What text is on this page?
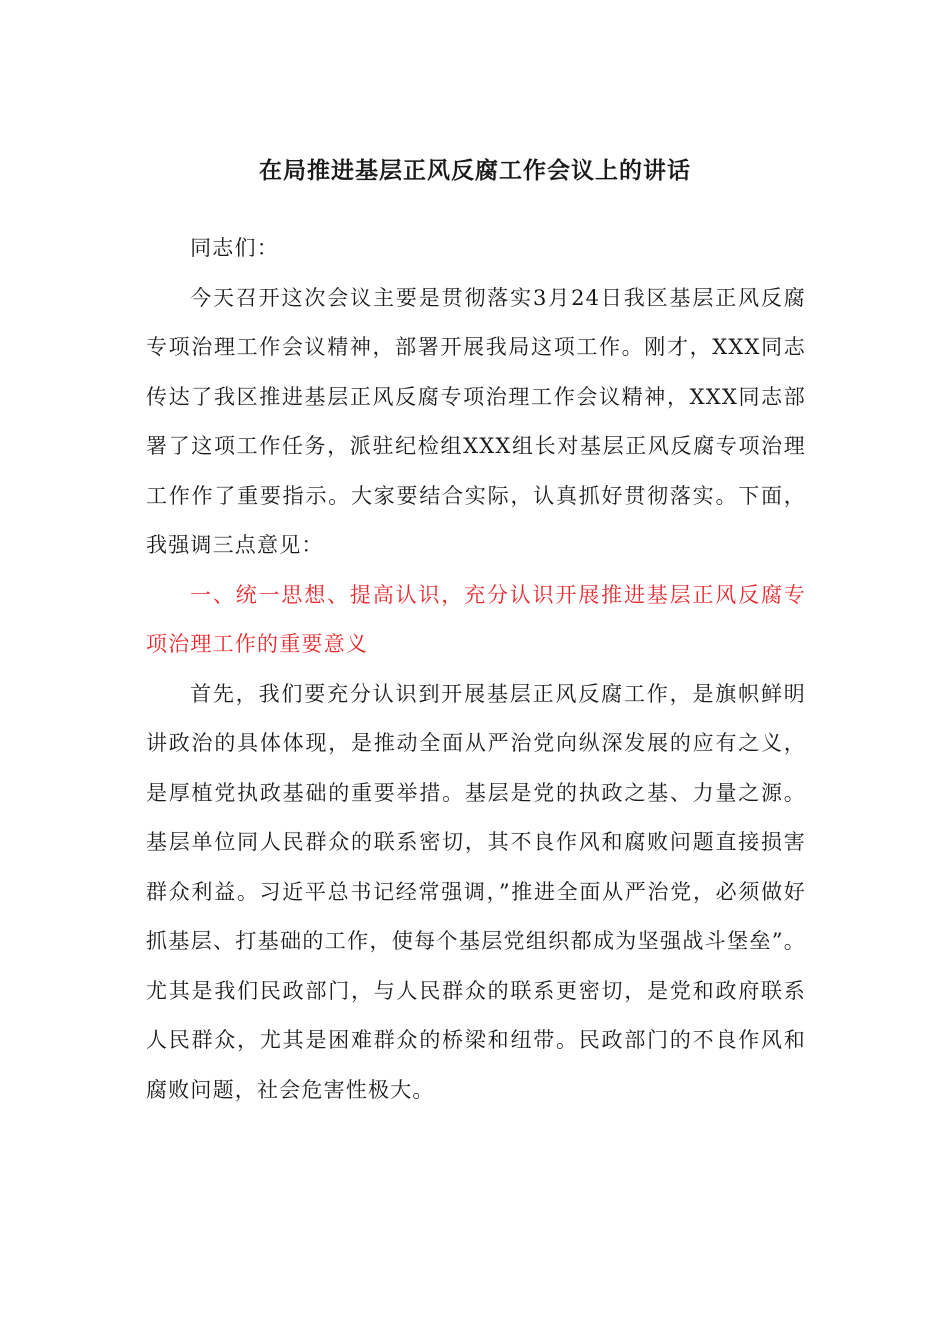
在局推进基层正风反腐工作会议上的讲话

同志们：

今天召开这次会议主要是贯彻落实3月24日我区基层正风反腐专项治理工作会议精神，部署开展我局这项工作。刚才，XXX同志传达了我区推进基层正风反腐专项治理工作会议精神，XXX同志部署了这项工作任务，派驻纪检组XXX组长对基层正风反腐专项治理工作作了重要指示。大家要结合实际，认真抓好贯彻落实。下面，我强调三点意见：

一、统一思想、提高认识，充分认识开展推进基层正风反腐专项治理工作的重要意义

首先，我们要充分认识到开展基层正风反腐工作，是旗帜鲜明讲政治的具体体现，是推动全面从严治党向纵深发展的应有之义，是厚植党执政基础的重要举措。基层是党的执政之基、力量之源。基层单位同人民群众的联系密切，其不良作风和腐败问题直接损害群众利益。习近平总书记经常强调，”推进全面从严治党，必须做好抓基层、打基础的工作，使每个基层党组织都成为坚强战斗堡垒”。尤其是我们民政部门，与人民群众的联系更密切，是党和政府联系人民群众，尤其是困难群众的桥梁和纽带。民政部门的不良作风和腐败问题，社会危害性极大。
